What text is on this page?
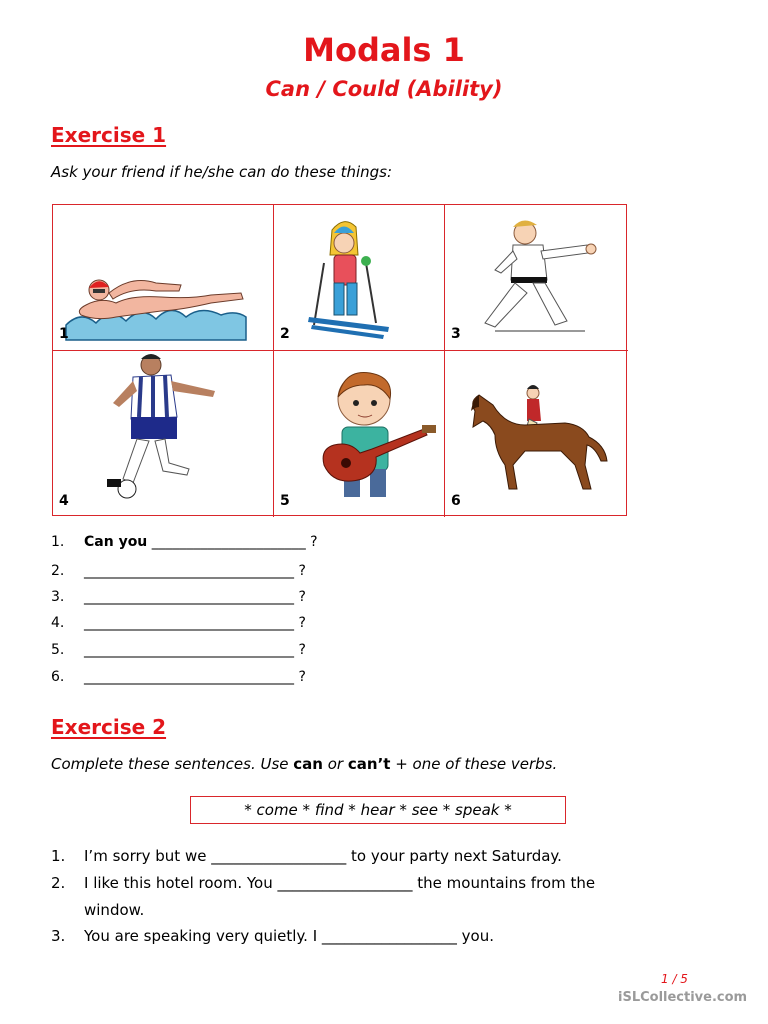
Modals 1
Can / Could (Ability)
Exercise 1
Ask your friend if he/she can do these things:
1	2	3
4	5	6
1. Can you ______________________ ?
2. ______________________________ ?
3. ______________________________ ?
4. ______________________________ ?
5. ______________________________ ?
6. ______________________________ ?
Exercise 2
Complete these sentences. Use can or can’t + one of these verbs.
* come * find * hear * see * speak *
1. I’m sorry but we __________________ to your party next Saturday.
2. I like this hotel room. You __________________ the mountains from the
window.
3. You are speaking very quietly. I __________________ you.
1 / 5
iSLCollective.com
